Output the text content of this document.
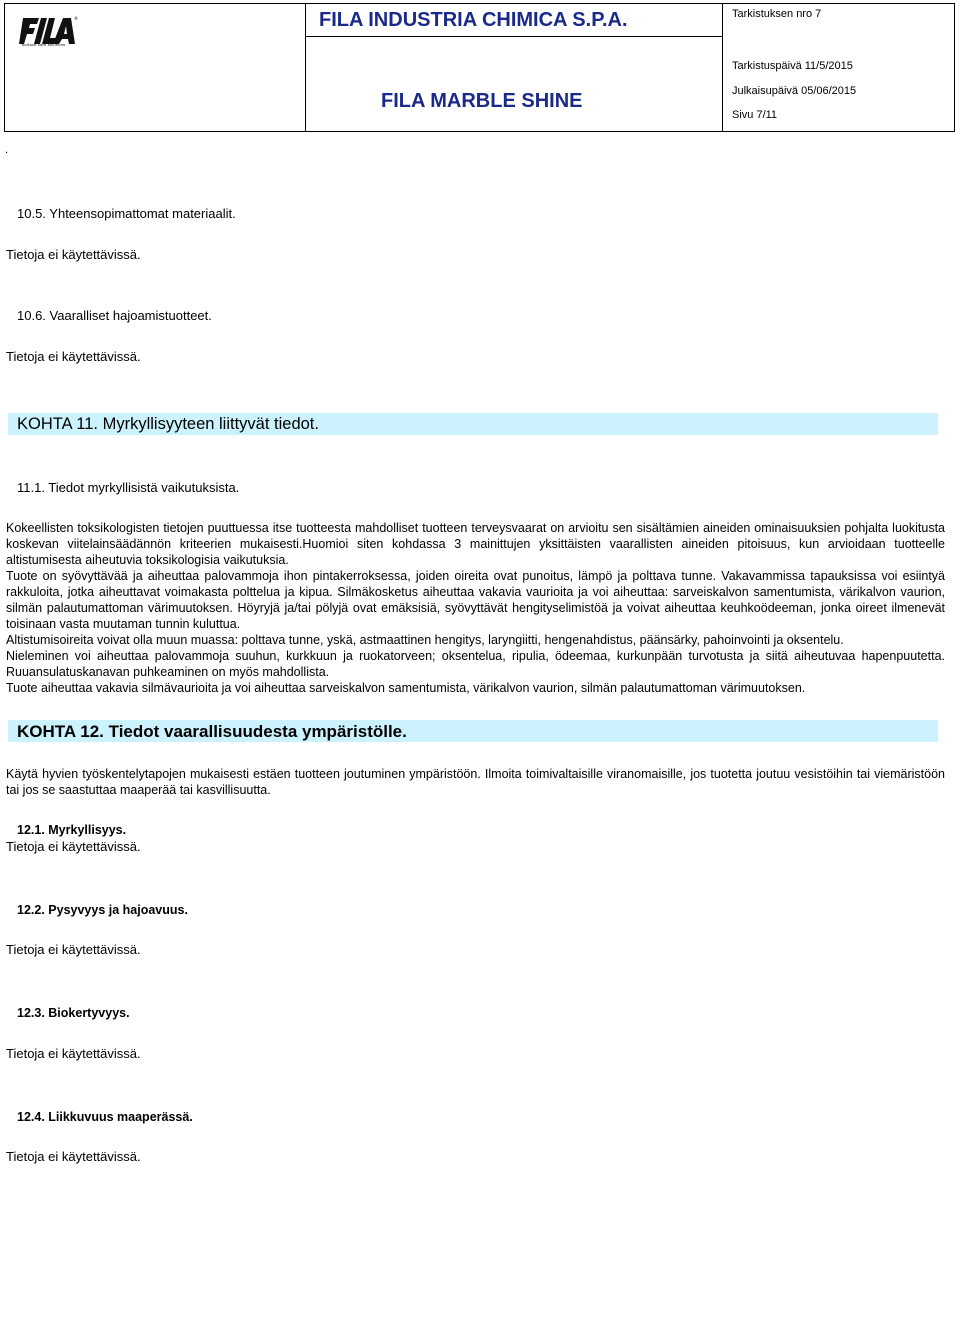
®
surface care solutions
FILA INDUSTRIA CHIMICA S.P.A.
FILA MARBLE SHINE
Tarkistuksen nro 7
Tarkistuspäivä 11/5/2015
Julkaisupäivä 05/06/2015
Sivu 7/11
.
10.5. Yhteensopimattomat materiaalit.
Tietoja ei käytettävissä.
10.6. Vaaralliset hajoamistuotteet.
Tietoja ei käytettävissä.
KOHTA 11. Myrkyllisyyteen liittyvät tiedot.
11.1. Tiedot myrkyllisistä vaikutuksista.

Kokeellisten toksikologisten tietojen puuttuessa itse tuotteesta mahdolliset tuotteen terveysvaarat on arvioitu sen sisältämien aineiden ominaisuuksien pohjalta luokitusta koskevan viitelainsäädännön kriteerien mukaisesti.Huomioi siten kohdassa 3 mainittujen yksittäisten vaarallisten aineiden pitoisuus, kun arvioidaan tuotteelle altistumisesta aiheutuvia toksikologisia vaikutuksia.

Tuote on syövyttävää ja aiheuttaa palovammoja ihon pintakerroksessa, joiden oireita ovat punoitus, lämpö ja polttava tunne. Vakavammissa tapauksissa voi esiintyä rakkuloita, jotka aiheuttavat voimakasta polttelua ja kipua. Silmäkosketus aiheuttaa vakavia vaurioita ja voi aiheuttaa: sarveiskalvon samentumista, värikalvon vaurion, silmän palautumattoman värimuutoksen. Höyryjä ja/tai pölyjä ovat emäksisiä, syövyttävät hengityselimistöä ja voivat aiheuttaa keuhkoödeeman, jonka oireet ilmenevät toisinaan vasta muutaman tunnin kuluttua.

Altistumisoireita voivat olla muun muassa: polttava tunne, yskä, astmaattinen hengitys, laryngiitti, hengenahdistus, päänsärky, pahoinvointi ja oksentelu.

Nieleminen voi aiheuttaa palovammoja suuhun, kurkkuun ja ruokatorveen; oksentelua, ripulia, ödeemaa, kurkunpään turvotusta ja siitä aiheutuvaa hapenpuutetta. Ruuansulatuskanavan puhkeaminen on myös mahdollista.

Tuote aiheuttaa vakavia silmävaurioita ja voi aiheuttaa sarveiskalvon samentumista, värikalvon vaurion, silmän palautumattoman värimuutoksen.

KOHTA 12. Tiedot vaarallisuudesta ympäristölle.

Käytä hyvien työskentelytapojen mukaisesti estäen tuotteen joutuminen ympäristöön. Ilmoita toimivaltaisille viranomaisille, jos tuotetta joutuu vesistöihin tai viemäristöön tai jos se saastuttaa maaperää tai kasvillisuutta.

12.1. Myrkyllisyys.
Tietoja ei käytettävissä.
12.2. Pysyvyys ja hajoavuus.
Tietoja ei käytettävissä.
12.3. Biokertyvyys.
Tietoja ei käytettävissä.
12.4. Liikkuvuus maaperässä.
Tietoja ei käytettävissä.
